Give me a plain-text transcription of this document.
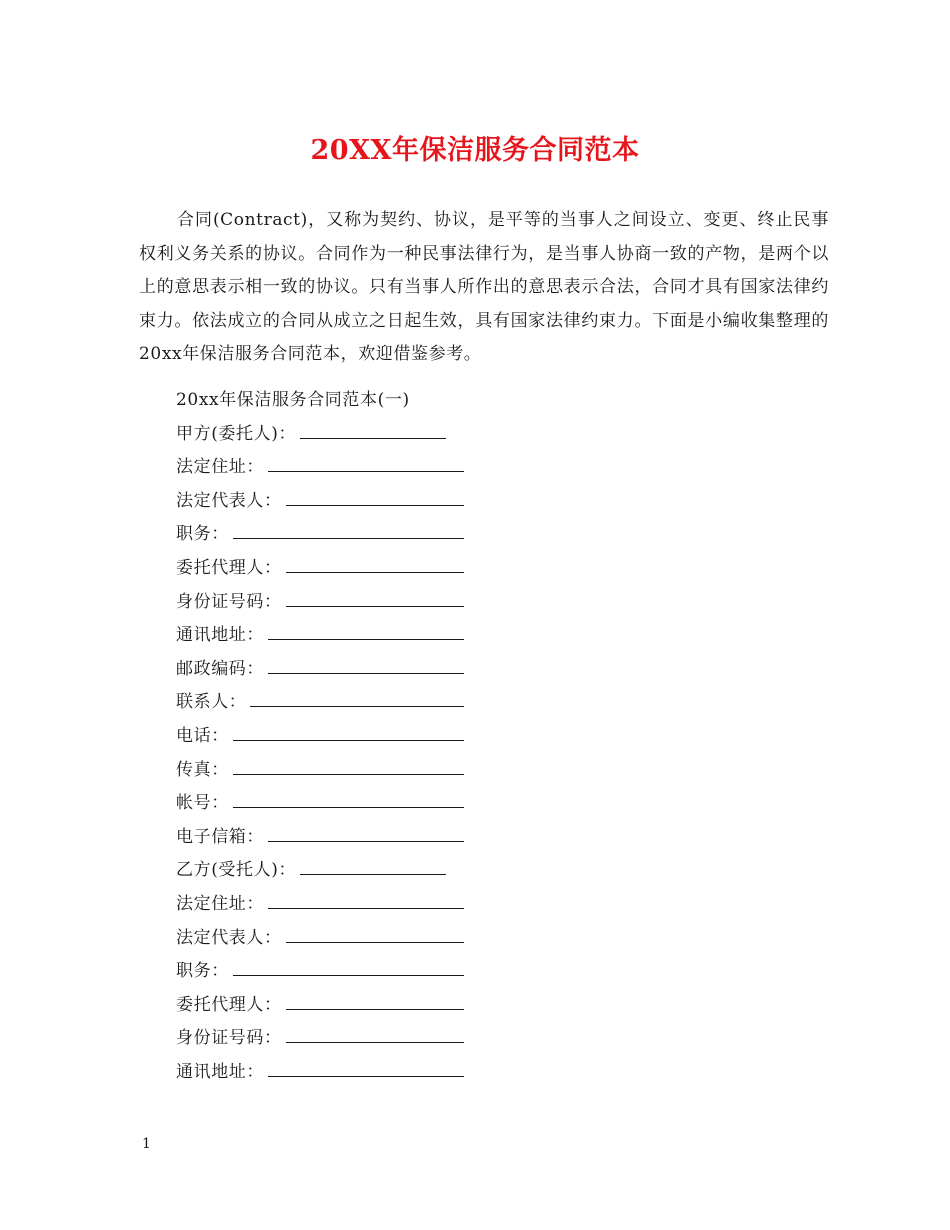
20XX年保洁服务合同范本

合同(Contract)，又称为契约、协议，是平等的当事人之间设立、变更、终止民事权利义务关系的协议。合同作为一种民事法律行为，是当事人协商一致的产物，是两个以上的意思表示相一致的协议。只有当事人所作出的意思表示合法，合同才具有国家法律约束力。依法成立的合同从成立之日起生效，具有国家法律约束力。下面是小编收集整理的20xx年保洁服务合同范本，欢迎借鉴参考。

20xx年保洁服务合同范本(一)
甲方(委托人)：
法定住址：
法定代表人：
职务：
委托代理人：
身份证号码：
通讯地址：
邮政编码：
联系人：
电话：
传真：
帐号：
电子信箱：
乙方(受托人)：
法定住址：
法定代表人：
职务：
委托代理人：
身份证号码：
通讯地址：
1
